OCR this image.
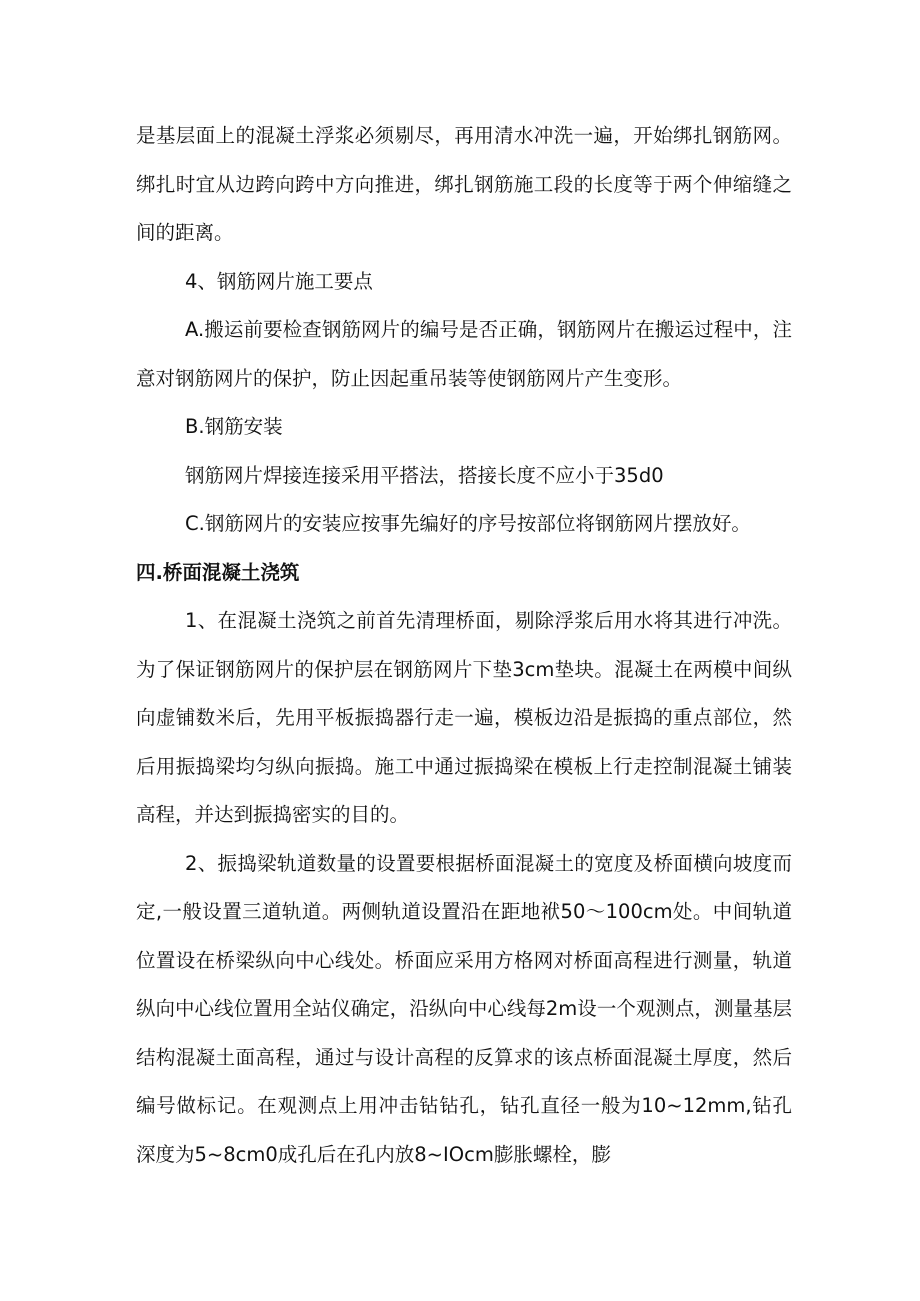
是基层面上的混凝土浮浆必须剔尽，再用清水冲洗一遍，开始绑扎钢筋网。绑扎时宜从边跨向跨中方向推进，绑扎钢筋施工段的长度等于两个伸缩缝之间的距离。

4、钢筋网片施工要点

A.搬运前要检查钢筋网片的编号是否正确，钢筋网片在搬运过程中，注意对钢筋网片的保护，防止因起重吊装等使钢筋网片产生变形。

B.钢筋安装

钢筋网片焊接连接采用平搭法，搭接长度不应小于35d0

C.钢筋网片的安装应按事先编好的序号按部位将钢筋网片摆放好。

四.桥面混凝土浇筑

1、在混凝土浇筑之前首先清理桥面，剔除浮浆后用水将其进行冲洗。为了保证钢筋网片的保护层在钢筋网片下垫3cm垫块。混凝土在两模中间纵向虚铺数米后，先用平板振捣器行走一遍，模板边沿是振捣的重点部位，然后用振捣梁均匀纵向振捣。施工中通过振捣梁在模板上行走控制混凝土铺装高程，并达到振捣密实的目的。

2、振捣梁轨道数量的设置要根据桥面混凝土的宽度及桥面横向坡度而定,一般设置三道轨道。两侧轨道设置沿在距地袱50〜100cm处。中间轨道位置设在桥梁纵向中心线处。桥面应采用方格网对桥面高程进行测量，轨道纵向中心线位置用全站仪确定，沿纵向中心线每2m设一个观测点，测量基层结构混凝土面高程，通过与设计高程的反算求的该点桥面混凝土厚度，然后编号做标记。在观测点上用冲击钻钻孔，钻孔直径一般为10~12mm,钻孔深度为5~8cm0成孔后在孔内放8~IOcm膨胀螺栓，膨
